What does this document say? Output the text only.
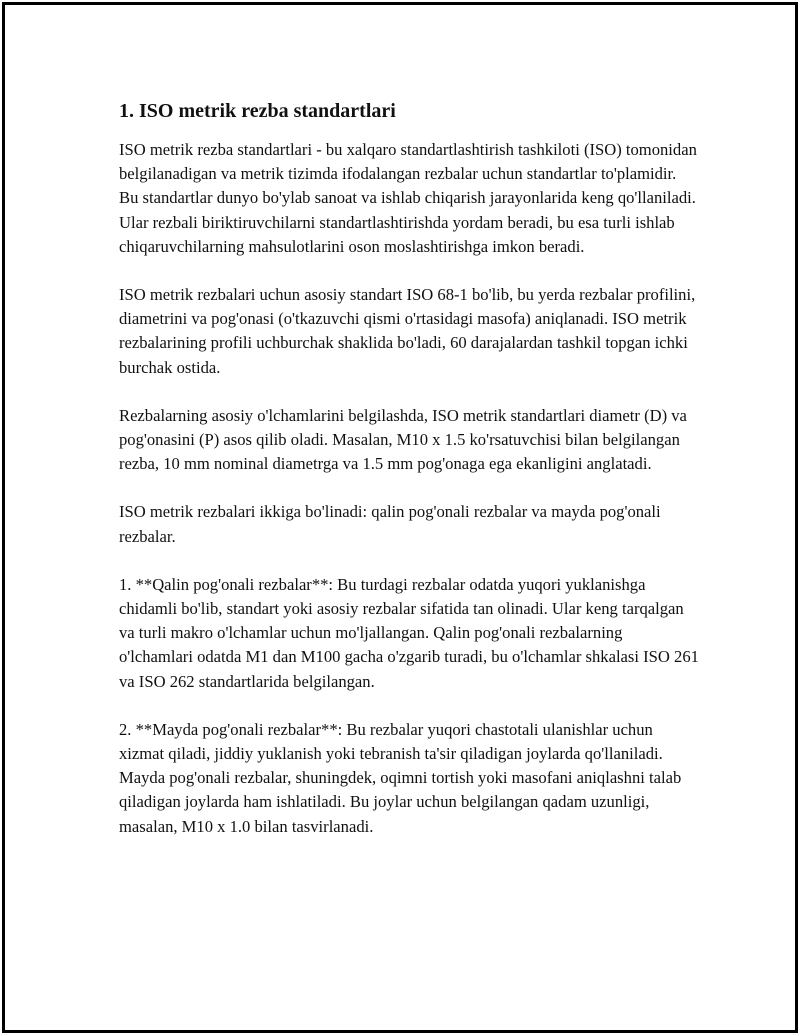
1. ISO metrik rezba standartlari

ISO metrik rezba standartlari - bu xalqaro standartlashtirish tashkiloti (ISO) tomonidan belgilanadigan va metrik tizimda ifodalangan rezbalar uchun standartlar to'plamidir. Bu standartlar dunyo bo'ylab sanoat va ishlab chiqarish jarayonlarida keng qo'llaniladi. Ular rezbali biriktiruvchilarni standartlashtirishda yordam beradi, bu esa turli ishlab chiqaruvchilarning mahsulotlarini oson moslashtirishga imkon beradi.

ISO metrik rezbalari uchun asosiy standart ISO 68-1 bo'lib, bu yerda rezbalar profilini, diametrini va pog'onasi (o'tkazuvchi qismi o'rtasidagi masofa) aniqlanadi. ISO metrik rezbalarining profili uchburchak shaklida bo'ladi, 60 darajalardan tashkil topgan ichki burchak ostida.

Rezbalarning asosiy o'lchamlarini belgilashda, ISO metrik standartlari diametr (D) va pog'onasini (P) asos qilib oladi. Masalan, M10 x 1.5 ko'rsatuvchisi bilan belgilangan rezba, 10 mm nominal diametrga va 1.5 mm pog'onaga ega ekanligini anglatadi.

ISO metrik rezbalari ikkiga bo'linadi: qalin pog'onali rezbalar va mayda pog'onali rezbalar.

1. **Qalin pog'onali rezbalar**: Bu turdagi rezbalar odatda yuqori yuklanishga chidamli bo'lib, standart yoki asosiy rezbalar sifatida tan olinadi. Ular keng tarqalgan va turli makro o'lchamlar uchun mo'ljallangan. Qalin pog'onali rezbalarning o'lchamlari odatda M1 dan M100 gacha o'zgarib turadi, bu o'lchamlar shkalasi ISO 261 va ISO 262 standartlarida belgilangan.

2. **Mayda pog'onali rezbalar**: Bu rezbalar yuqori chastotali ulanishlar uchun xizmat qiladi, jiddiy yuklanish yoki tebranish ta'sir qiladigan joylarda qo'llaniladi. Mayda pog'onali rezbalar, shuningdek, oqimni tortish yoki masofani aniqlashni talab qiladigan joylarda ham ishlatiladi. Bu joylar uchun belgilangan qadam uzunligi, masalan, M10 x 1.0 bilan tasvirlanadi.
